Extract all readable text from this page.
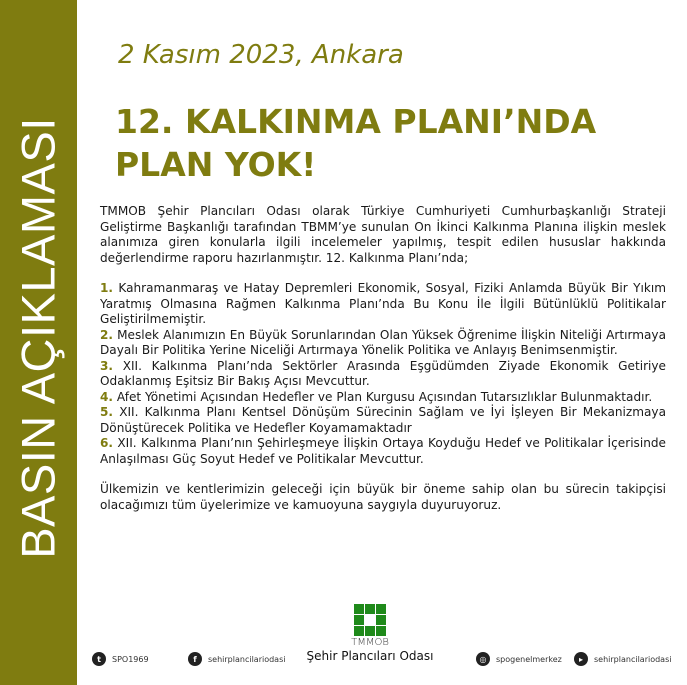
BASIN AÇIKLAMASI
2 Kasım 2023, Ankara
12. KALKINMA PLANI’NDA
PLAN YOK!

TMMOB Şehir Plancıları Odası olarak Türkiye Cumhuriyeti Cumhurbaşkanlığı Strateji Geliştirme Başkanlığı tarafından TBMM’ye sunulan On İkinci Kalkınma Planına ilişkin meslek alanımıza giren konularla ilgili incelemeler yapılmış, tespit edilen hususlar hakkında değerlendirme raporu hazırlanmıştır. 12. Kalkınma Planı’nda;

1. Kahramanmaraş ve Hatay Depremleri Ekonomik, Sosyal, Fiziki Anlamda Büyük Bir Yıkım Yaratmış Olmasına Rağmen Kalkınma Planı’nda Bu Konu İle İlgili Bütünlüklü Politikalar Geliştirilmemiştir.

2. Meslek Alanımızın En Büyük Sorunlarından Olan Yüksek Öğrenime İlişkin Niteliği Artırmaya Dayalı Bir Politika Yerine Niceliği Artırmaya Yönelik Politika ve Anlayış Benimsenmiştir.

3. XII. Kalkınma Planı’nda Sektörler Arasında Eşgüdümden Ziyade Ekonomik Getiriye Odaklanmış Eşitsiz Bir Bakış Açısı Mevcuttur.

4. Afet Yönetimi Açısından Hedefler ve Plan Kurgusu Açısından Tutarsızlıklar Bulunmaktadır.

5. XII. Kalkınma Planı Kentsel Dönüşüm Sürecinin Sağlam ve İyi İşleyen Bir Mekanizmaya Dönüştürecek Politika ve Hedefler Koyamamaktadır

6. XII. Kalkınma Planı’nın Şehirleşmeye İlişkin Ortaya Koyduğu Hedef ve Politikalar İçerisinde Anlaşılması Güç Soyut Hedef ve Politikalar Mevcuttur.

Ülkemizin ve kentlerimizin geleceği için büyük bir öneme sahip olan bu sürecin takipçisi olacağımızı tüm üyelerimize ve kamuoyuna saygıyla duyuruyoruz.

TMMOB
Şehir Plancıları Odası
t	SPO1969	f	sehirplancilariodasi	◎	spogenelmerkez	▸	sehirplancilariodasi
